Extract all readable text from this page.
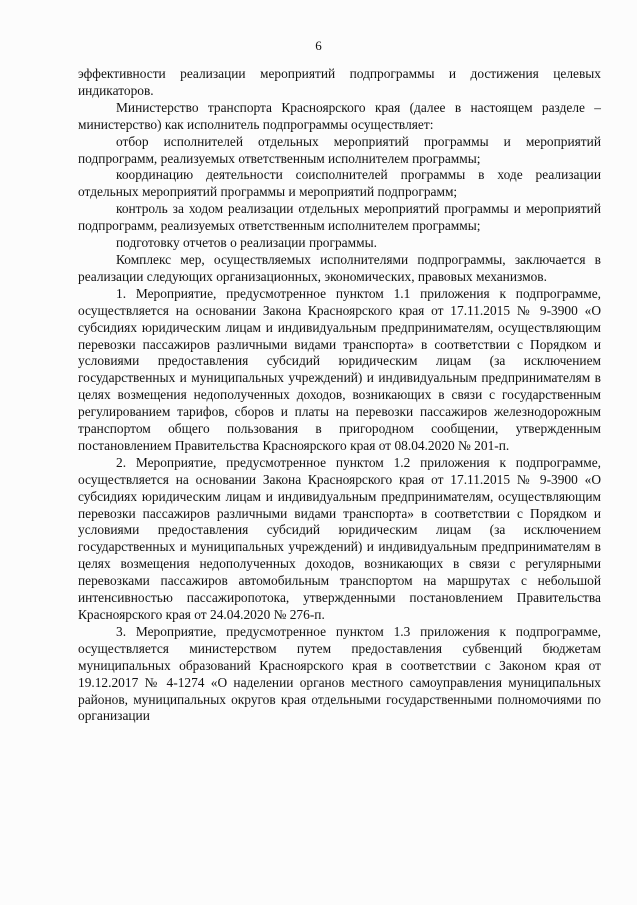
6

эффективности реализации мероприятий подпрограммы и достижения целевых индикаторов.

Министерство транспорта Красноярского края (далее в настоящем разделе – министерство) как исполнитель подпрограммы осуществляет:

отбор исполнителей отдельных мероприятий программы и мероприятий подпрограмм, реализуемых ответственным исполнителем программы;

координацию деятельности соисполнителей программы в ходе реализации отдельных мероприятий программы и мероприятий подпрограмм;

контроль за ходом реализации отдельных мероприятий программы и мероприятий подпрограмм, реализуемых ответственным исполнителем программы;

подготовку отчетов о реализации программы.

Комплекс мер, осуществляемых исполнителями подпрограммы, заключается в реализации следующих организационных, экономических, правовых механизмов.

1. Мероприятие, предусмотренное пунктом 1.1 приложения к подпрограмме, осуществляется на основании Закона Красноярского края от 17.11.2015 № 9-3900 «О субсидиях юридическим лицам и индивидуальным предпринимателям, осуществляющим перевозки пассажиров различными видами транспорта» в соответствии с Порядком и условиями предоставления субсидий юридическим лицам (за исключением государственных и муниципальных учреждений) и индивидуальным предпринимателям в целях возмещения недополученных доходов, возникающих в связи с государственным регулированием тарифов, сборов и платы на перевозки пассажиров железнодорожным транспортом общего пользования в пригородном сообщении, утвержденным постановлением Правительства Красноярского края от 08.04.2020 № 201-п.

2. Мероприятие, предусмотренное пунктом 1.2 приложения к подпрограмме, осуществляется на основании Закона Красноярского края от 17.11.2015 № 9-3900 «О субсидиях юридическим лицам и индивидуальным предпринимателям, осуществляющим перевозки пассажиров различными видами транспорта» в соответствии с Порядком и условиями предоставления субсидий юридическим лицам (за исключением государственных и муниципальных учреждений) и индивидуальным предпринимателям в целях возмещения недополученных доходов, возникающих в связи с регулярными перевозками пассажиров автомобильным транспортом на маршрутах с небольшой интенсивностью пассажиропотока, утвержденными постановлением Правительства Красноярского края от 24.04.2020 № 276-п.

3. Мероприятие, предусмотренное пунктом 1.3 приложения к подпрограмме, осуществляется министерством путем предоставления субвенций бюджетам муниципальных образований Красноярского края в соответствии с Законом края от 19.12.2017 № 4-1274 «О наделении органов местного самоуправления муниципальных районов, муниципальных округов края отдельными государственными полномочиями по организации
